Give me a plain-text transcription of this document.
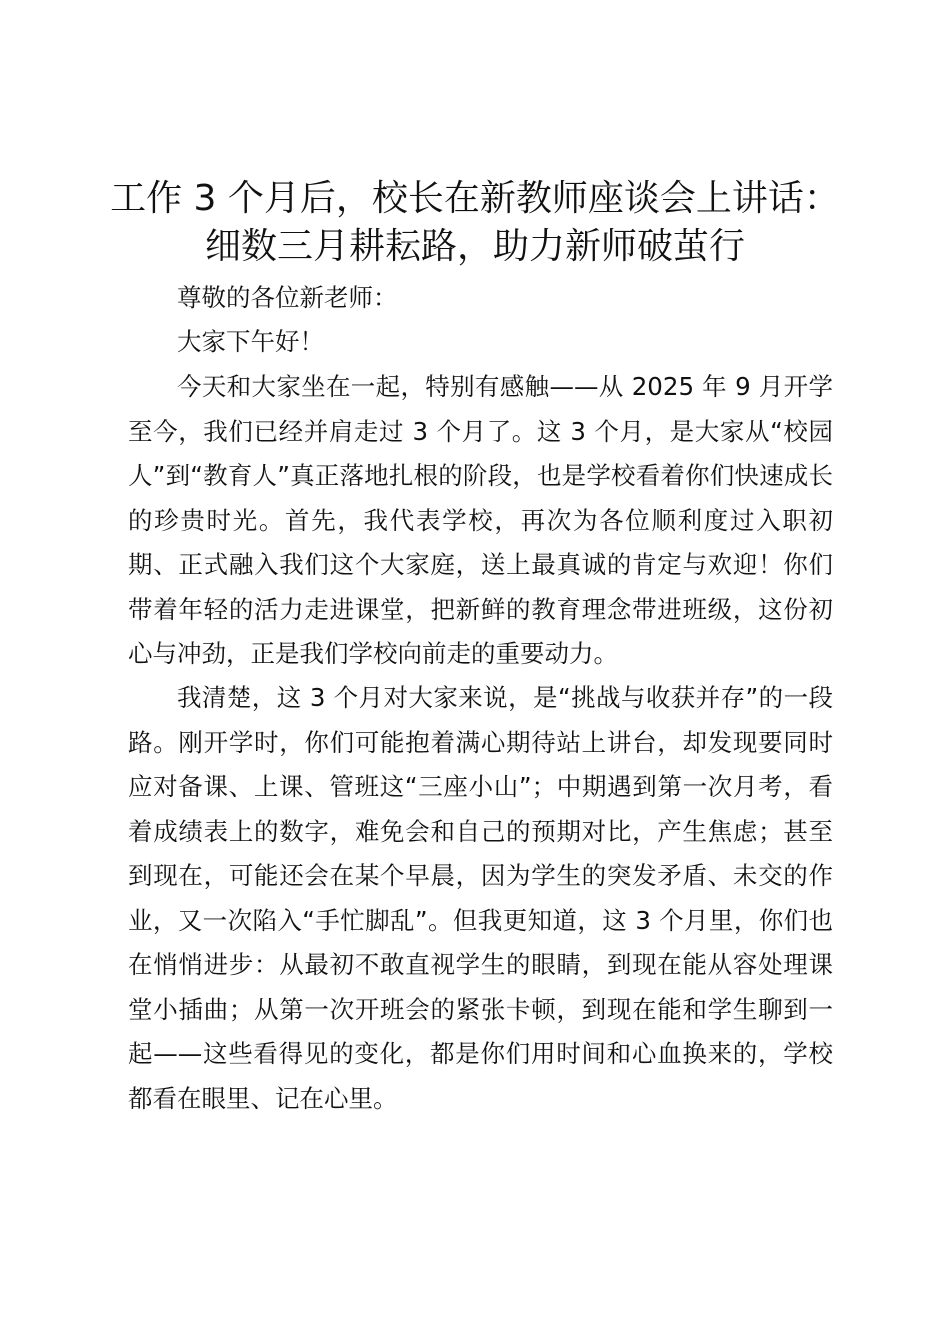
工作 3 个月后，校长在新教师座谈会上讲话：
细数三月耕耘路，助力新师破茧行

尊敬的各位新老师：

大家下午好！

今天和大家坐在一起，特别有感触——从 2025 年 9 月开学至今，我们已经并肩走过 3 个月了。这 3 个月，是大家从“校园人”到“教育人”真正落地扎根的阶段，也是学校看着你们快速成长的珍贵时光。首先，我代表学校，再次为各位顺利度过入职初期、正式融入我们这个大家庭，送上最真诚的肯定与欢迎！你们带着年轻的活力走进课堂，把新鲜的教育理念带进班级，这份初心与冲劲，正是我们学校向前走的重要动力。

我清楚，这 3 个月对大家来说，是“挑战与收获并存”的一段路。刚开学时，你们可能抱着满心期待站上讲台，却发现要同时应对备课、上课、管班这“三座小山”；中期遇到第一次月考，看着成绩表上的数字，难免会和自己的预期对比，产生焦虑；甚至到现在，可能还会在某个早晨，因为学生的突发矛盾、未交的作业，又一次陷入“手忙脚乱”。但我更知道，这 3 个月里，你们也在悄悄进步：从最初不敢直视学生的眼睛，到现在能从容处理课堂小插曲；从第一次开班会的紧张卡顿，到现在能和学生聊到一起——这些看得见的变化，都是你们用时间和心血换来的，学校都看在眼里、记在心里。
